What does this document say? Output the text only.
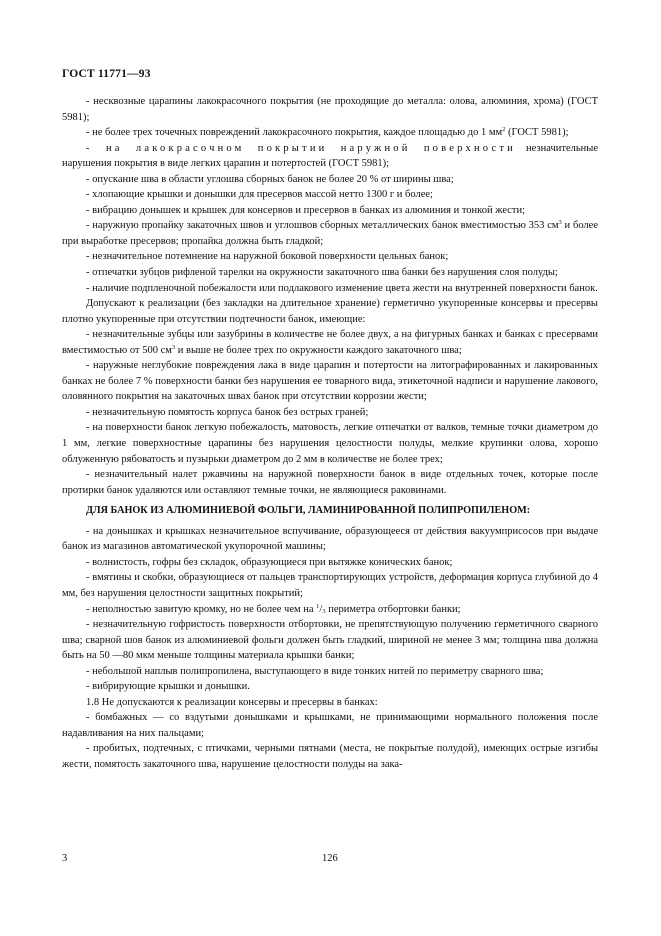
ГОСТ 11771—93

- несквозные царапины лакокрасочного покрытия (не проходящие до металла: олова, алюминия, хрома) (ГОСТ 5981);

- не более трех точечных повреждений лакокрасочного покрытия, каждое площадью до 1 $мм^2$ (ГОСТ 5981);

- на лакокрасочном покрытии наружной поверхности незначительные нарушения покрытия в виде легких царапин и потертостей (ГОСТ 5981);

- опускание шва в области углошва сборных банок не более 20 % от ширины шва;

- хлопающие крышки и донышки для пресервов массой нетто 1300 г и более;

- вибрацию донышек и крышек для консервов и пресервов в банках из алюминия и тонкой жести;

- наружную пропайку закаточных швов и углошвов сборных металлических банок вместимостью 353 $см^3$ и более при выработке пресервов; пропайка должна быть гладкой;

- незначительное потемнение на наружной боковой поверхности цельных банок;

- отпечатки зубцов рифленой тарелки на окружности закаточного шва банки без нарушения слоя полуды;

- наличие подпленочной побежалости или подлакового изменение цвета жести на внутренней поверхности банок.

Допускают к реализации (без закладки на длительное хранение) герметично укупоренные консервы и пресервы плотно укупоренные при отсутствии подтечности банок, имеющие:

- незначительные зубцы или зазубрины в количестве не более двух, а на фигурных банках и банках с пресервами вместимостью от 500 $см^3$ и выше не более трех по окружности каждого закаточного шва;

- наружные неглубокие повреждения лака в виде царапин и потертости на литографированных и лакированных банках не более 7 % поверхности банки без нарушения ее товарного вида, этикеточной надписи и нарушение лакового, оловянного покрытия на закаточных швах банок при отсутствии коррозии жести;

- незначительную помятость корпуса банок без острых граней;

- на поверхности банок легкую побежалость, матовость, легкие отпечатки от валков, темные точки диаметром до 1 мм, легкие поверхностные царапины без нарушения целостности полуды, мелкие крупинки олова, хорошо облуженную рябоватость и пузырьки диаметром до 2 мм в количестве не более трех;

- незначительный налет ржавчины на наружной поверхности банок в виде отдельных точек, которые после протирки банок удаляются или оставляют темные точки, не являющиеся раковинами.

ДЛЯ БАНОК ИЗ АЛЮМИНИЕВОЙ ФОЛЬГИ, ЛАМИНИРОВАННОЙ ПОЛИПРОПИЛЕНОМ:

- на донышках и крышках незначительное вспучивание, образующееся от действия вакуумприсосов при выдаче банок из магазинов автоматической укупорочной машины;

- волнистость, гофры без складок, образующиеся при вытяжке конических банок;

- вмятины и скобки, образующиеся от пальцев транспортирующих устройств, деформация корпуса глубиной до 4 мм, без нарушения целостности защитных покрытий;

- неполностью завитую кромку, но не более чем на $^1/_3$ периметра отбортовки банки;

- незначительную гофристость поверхности отбортовки, не препятствующую получению герметичного сварного шва; сварной шов банок из алюминиевой фольги должен быть гладкий, шириной не менее 3 мм; толщина шва должна быть на 50 —80 мкм меньше толщины материала крышки банки;

- небольшой наплыв полипропилена, выступающего в виде тонких нитей по периметру сварного шва;

- вибрирующие крышки и донышки.

1.8 Не допускаются к реализации консервы и пресервы в банках:

- бомбажных — со вздутыми донышками и крышками, не принимающими нормального положения после надавливания на них пальцами;

- пробитых, подтечных, с птичками, черными пятнами (места, не покрытые полудой), имеющих острые изгибы жести, помятость закаточного шва, нарушение целостности полуды на зака-

3	126
